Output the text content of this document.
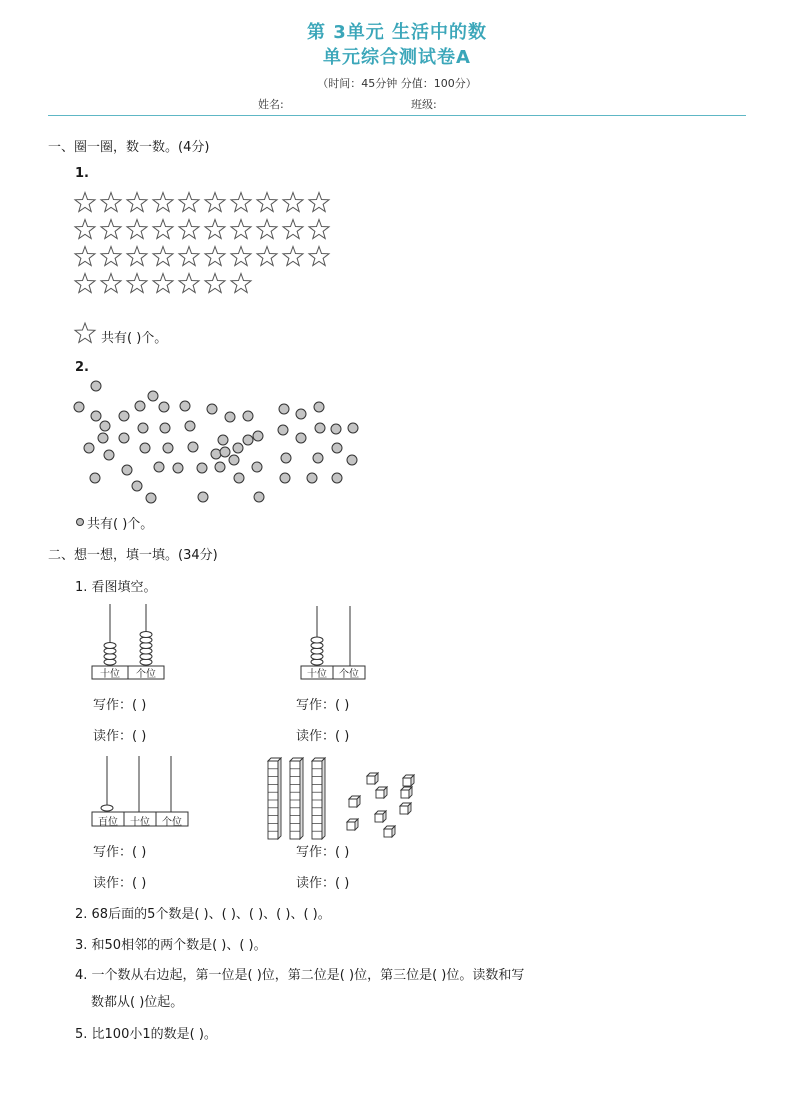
第 3单元 生活中的数
单元综合测试卷A
（时间：45分钟 分值：100分）
姓名:	班级:
一、圈一圈，数一数。(4分)
1.
共有( )个。
2.
共有( )个。
二、想一想，填一填。(34分)
1. 看图填空。
十位	个位	十位	个位
写作：( )	写作：( )
读作：( )	读作：( )
百位	十位	个位
写作：( )	写作：( )
读作：( )	读作：( )
2. 68后面的5个数是( )、( )、( )、( )、( )。
3. 和50相邻的两个数是( )、( )。
4. 一个数从右边起，第一位是( )位，第二位是( )位，第三位是( )位。读数和写
数都从( )位起。
5. 比100小1的数是( )。
